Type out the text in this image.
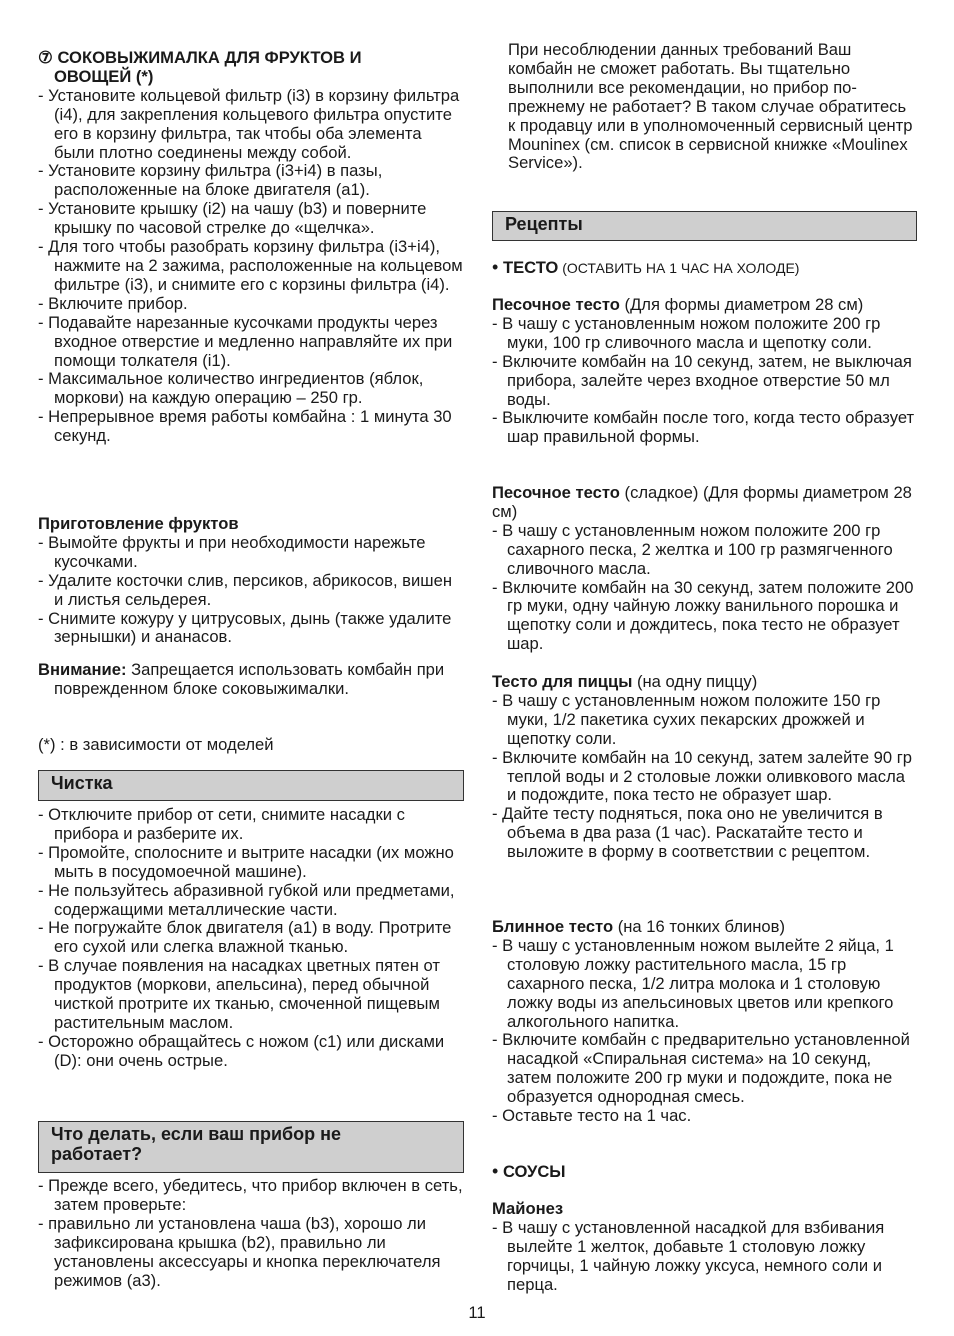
⑦ СОКОВЫЖИМАЛКА ДЛЯ ФРУКТОВ И

ОВОЩЕЙ (*)

- Установите кольцевой фильтр (i3) в корзину фильтра (i4), для закрепления кольцевого фильтра опустите его в корзину фильтра, так чтобы оба элемента были плотно соединены между собой.

- Установите корзину фильтра (i3+i4) в пазы, расположенные на блоке двигателя (a1).

- Установите крышку (i2) на чашу (b3) и поверните крышку по часовой стрелке до «щелчка».

- Для того чтобы разобрать корзину фильтра (i3+i4), нажмите на 2 зажима, расположенные на кольцевом фильтре (i3), и снимите его с корзины фильтра (i4).

- Включите прибор.

- Подавайте нарезанные кусочками продукты через входное отверстие и медленно направляйте их при помощи толкателя (i1).

- Максимальное количество ингредиентов (яблок, моркови) на каждую операцию – 250 гр.

- Непрерывное время работы комбайна : 1 минута 30 секунд.

Приготовление фруктов

- Вымойте фрукты и при необходимости нарежьте кусочками.

- Удалите косточки слив, персиков, абрикосов, вишен и листья сельдерея.

- Снимите кожуру у цитрусовых, дынь (также удалите зернышки) и ананасов.

Внимание: Запрещается использовать комбайн при поврежденном блоке соковыжималки.

(*) : в зависимости от моделей

Чистка

- Отключите прибор от сети, снимите насадки с прибора и разберите их.

- Промойте, сполосните и вытрите насадки (их можно мыть в посудомоечной машине).

- Не пользуйтесь абразивной губкой или предметами, содержащими металлические части.

- Не погружайте блок двигателя (a1) в воду. Протрите его сухой или слегка влажной тканью.

- В случае появления на насадках цветных пятен от продуктов (моркови, апельсина), перед обычной чисткой протрите их тканью, смоченной пищевым растительным маслом.

- Осторожно обращайтесь с ножом (c1) или дисками (D): они очень острые.

Что делать, если ваш прибор не
работает?

- Прежде всего, убедитесь, что прибор включен в сеть, затем проверьте:

- правильно ли установлена чаша (b3), хорошо ли зафиксирована крышка (b2), правильно ли установлены аксессуары и кнопка переключателя режимов (a3).

При несоблюдении данных требований Ваш комбайн не сможет работать. Вы тщательно выполнили все рекомендации, но прибор по-прежнему не работает? В таком случае обратитесь к продавцу или в уполномоченный сервисный центр Mouninex (см. список в сервисной книжке «Moulinex Service»).

Рецепты

• ТЕСТО (ОСТАВИТЬ НА 1 ЧАС НА ХОЛОДЕ)

Песочное тесто (Для формы диаметром 28 см)

- В чашу с установленным ножом положите 200 гр муки, 100 гр сливочного масла и щепотку соли.

- Включите комбайн на 10 секунд, затем, не выключая прибора, залейте через входное отверстие 50 мл воды.

- Выключите комбайн после того, когда тесто образует шар правильной формы.

Песочное тесто (сладкое) (Для формы диаметром 28 см)

- В чашу с установленным ножом положите 200 гр сахарного песка, 2 желтка и 100 гр размягченного сливочного масла.

- Включите комбайн на 30 секунд, затем положите 200 гр муки, одну чайную ложку ванильного порошка и щепотку соли и дождитесь, пока тесто не образует шар.

Тесто для пиццы (на одну пиццу)

- В чашу с установленным ножом положите 150 гр муки, 1/2 пакетика сухих пекарских дрожжей и щепотку соли.

- Включите комбайн на 10 секунд, затем залейте 90 гр теплой воды и 2 столовые ложки оливкового масла и подождите, пока тесто не образует шар.

- Дайте тесту подняться, пока оно не увеличится в объема в два раза (1 час). Раскатайте тесто и выложите в форму в соответствии с рецептом.

Блинное тесто (на 16 тонких блинов)

- В чашу с установленным ножом вылейте 2 яйца, 1 столовую ложку растительного масла, 15 гр сахарного песка, 1/2 литра молока и 1 столовую ложку воды из апельсиновых цветов или крепкого алкогольного напитка.

- Включите комбайн с предварительно установленной насадкой «Спиральная система» на 10 секунд, затем положите 200 гр муки и подождите, пока не образуется однородная смесь.

- Оставьте тесто на 1 час.

• СОУСЫ

Майонез

- В чашу с установленной насадкой для взбивания вылейте 1 желток, добавьте 1 столовую ложку горчицы, 1 чайную ложку уксуса, немного соли и перца.

11
